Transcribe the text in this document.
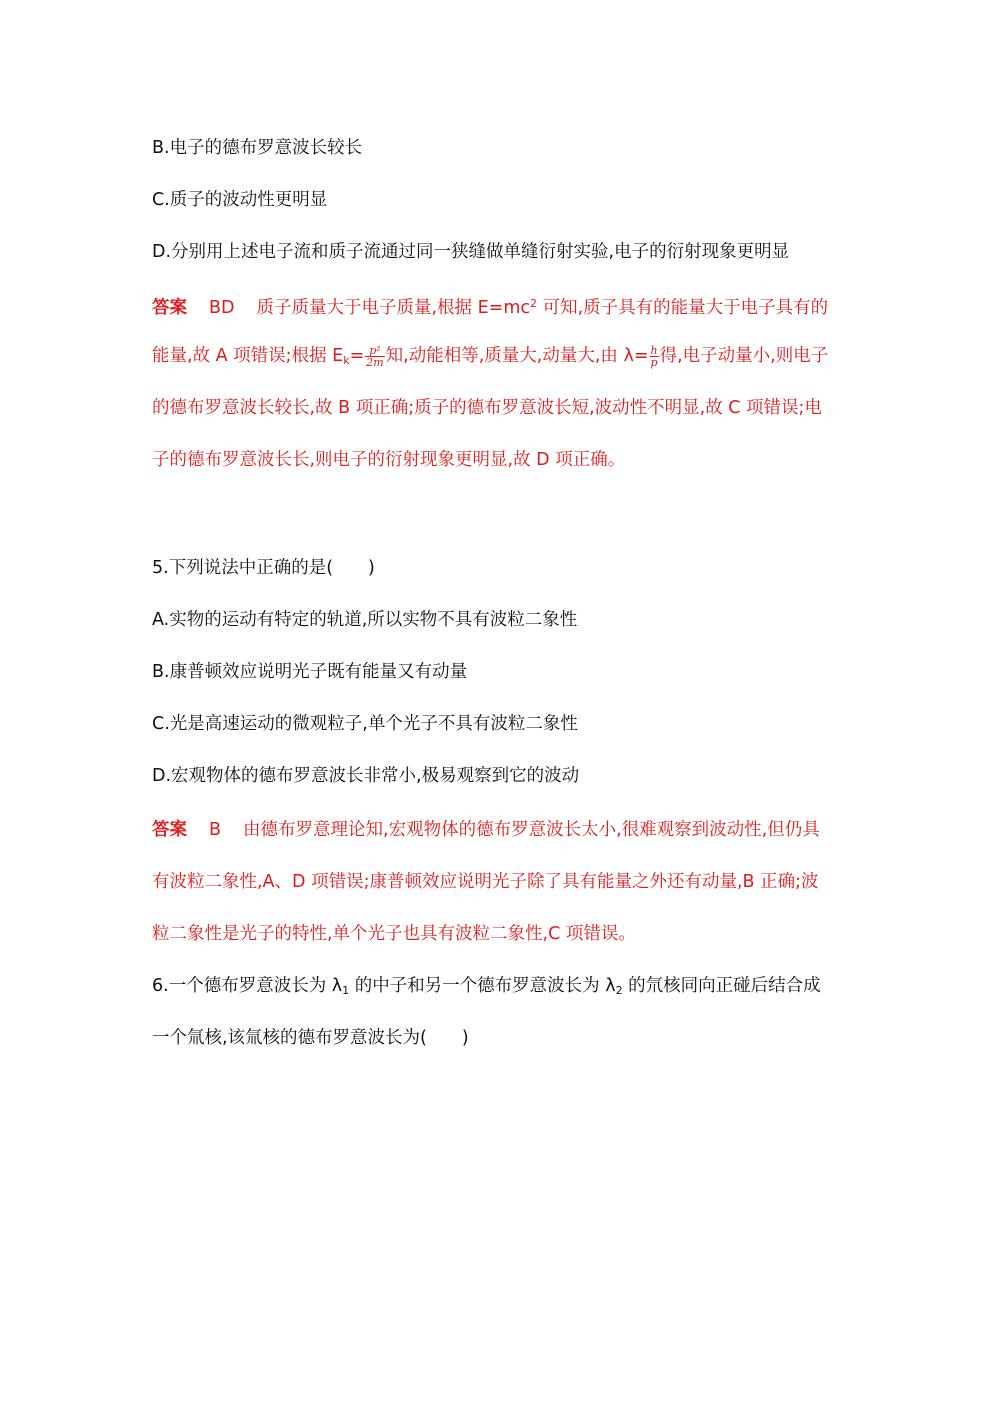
B.电子的德布罗意波长较长
C.质子的波动性更明显
D.分别用上述电子流和质子流通过同一狭缝做单缝衍射实验,电子的衍射现象更明显
答案 BD 质子质量大于电子质量,根据 $E=mc^2$ 可知,质子具有的能量大于电子具有的
能量,故 A 项错误;根据 $E_k= \frac{\text{p²}}{2m}$ 知,动能相等,质量大,动量大,由 $\lambda= \frac{h}{p}$ 得,电子动量小,则电子
的德布罗意波长较长,故 B 项正确;质子的德布罗意波长短,波动性不明显,故 C 项错误;电
子的德布罗意波长长,则电子的衍射现象更明显,故 D 项正确。
5.下列说法中正确的是(　　)
A.实物的运动有特定的轨道,所以实物不具有波粒二象性
B.康普顿效应说明光子既有能量又有动量
C.光是高速运动的微观粒子,单个光子不具有波粒二象性
D.宏观物体的德布罗意波长非常小,极易观察到它的波动
答案 B 由德布罗意理论知,宏观物体的德布罗意波长太小,很难观察到波动性,但仍具
有波粒二象性,A、D 项错误;康普顿效应说明光子除了具有能量之外还有动量,B 正确;波
粒二象性是光子的特性,单个光子也具有波粒二象性,C 项错误。
6.一个德布罗意波长为 $\lambda_1$ 的中子和另一个德布罗意波长为 $\lambda_2$ 的氘核同向正碰后结合成
一个氚核,该氚核的德布罗意波长为(　　)
